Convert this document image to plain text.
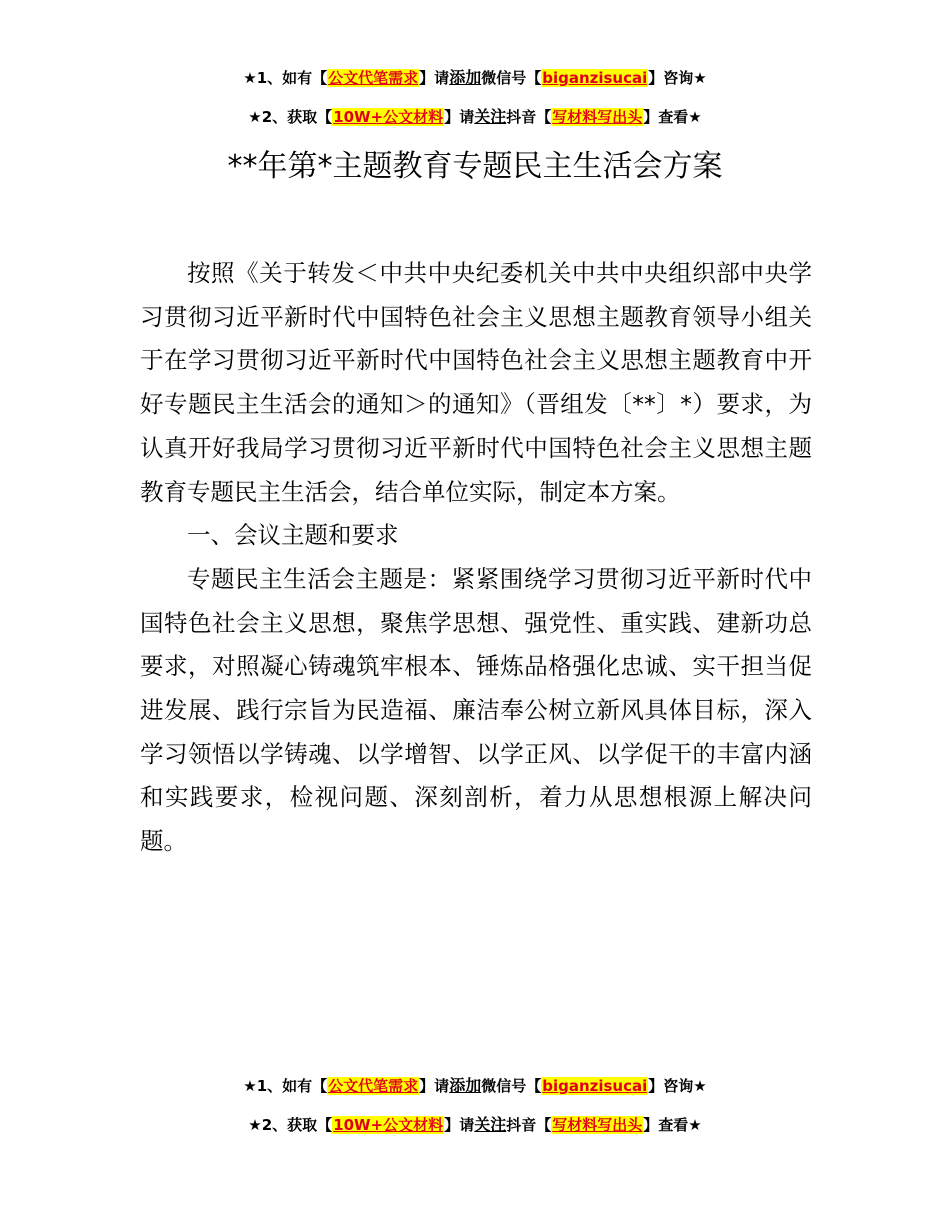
★1、如有【公文代笔需求】请添加微信号【biganzisucai】咨询★
★2、获取【10W+公文材料】请关注抖音【写材料写出头】查看★
**年第*主题教育专题民主生活会方案

按照《关于转发＜中共中央纪委机关中共中央组织部中央学习贯彻习近平新时代中国特色社会主义思想主题教育领导小组关于在学习贯彻习近平新时代中国特色社会主义思想主题教育中开好专题民主生活会的通知＞的通知》（晋组发〔**〕*）要求，为认真开好我局学习贯彻习近平新时代中国特色社会主义思想主题教育专题民主生活会，结合单位实际，制定本方案。

一、会议主题和要求

专题民主生活会主题是：紧紧围绕学习贯彻习近平新时代中国特色社会主义思想，聚焦学思想、强党性、重实践、建新功总要求，对照凝心铸魂筑牢根本、锤炼品格强化忠诚、实干担当促进发展、践行宗旨为民造福、廉洁奉公树立新风具体目标，深入学习领悟以学铸魂、以学增智、以学正风、以学促干的丰富内涵和实践要求，检视问题、深刻剖析，着力从思想根源上解决问题。

★1、如有【公文代笔需求】请添加微信号【biganzisucai】咨询★
★2、获取【10W+公文材料】请关注抖音【写材料写出头】查看★
